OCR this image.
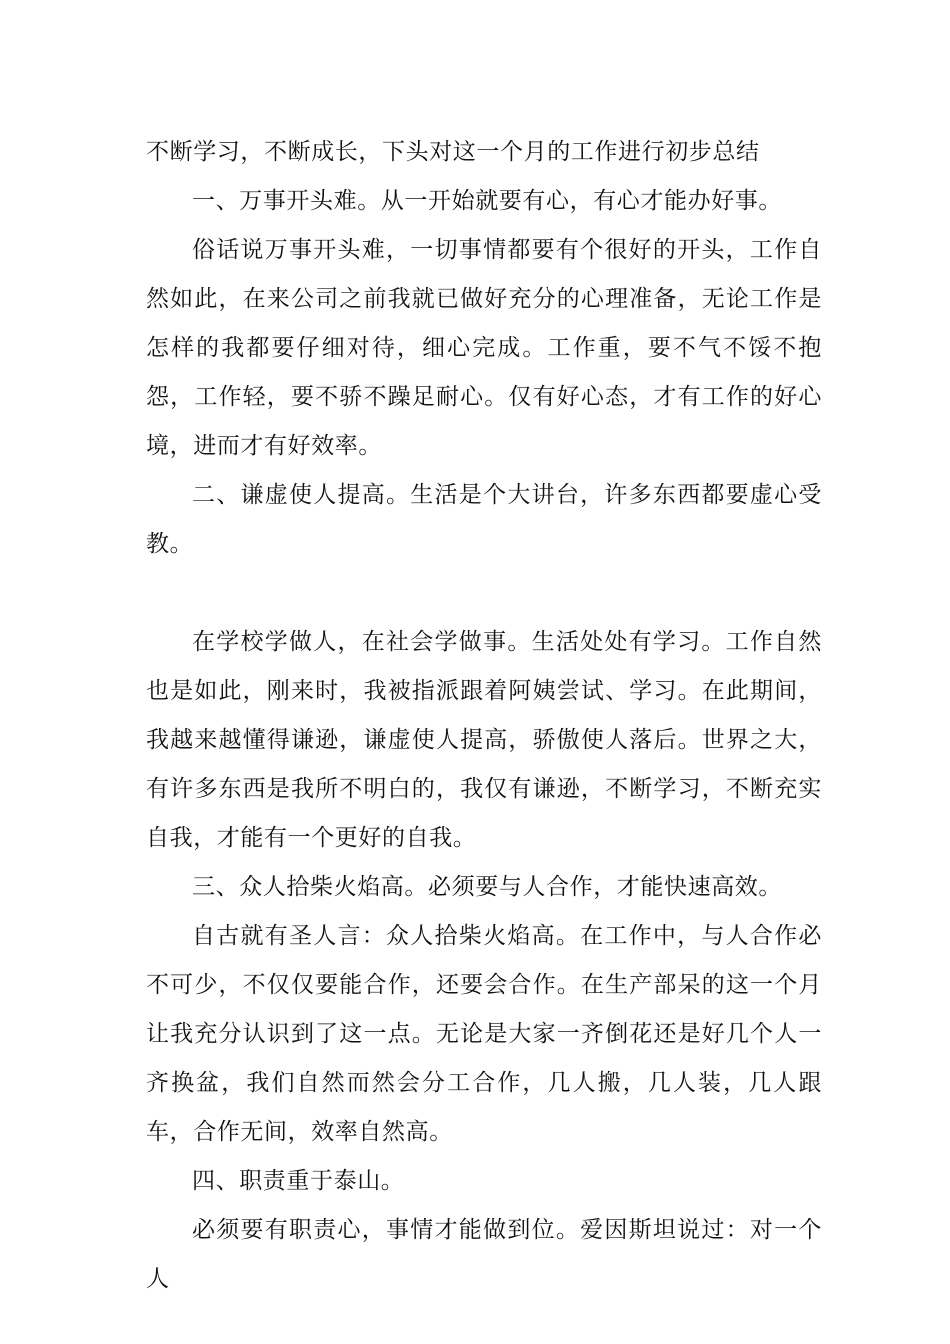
不断学习，不断成长，下头对这一个月的工作进行初步总结

一、万事开头难。从一开始就要有心，有心才能办好事。

俗话说万事开头难，一切事情都要有个很好的开头，工作自然如此，在来公司之前我就已做好充分的心理准备，无论工作是怎样的我都要仔细对待，细心完成。工作重，要不气不馁不抱怨，工作轻，要不骄不躁足耐心。仅有好心态，才有工作的好心境，进而才有好效率。

二、谦虚使人提高。生活是个大讲台，许多东西都要虚心受教。

在学校学做人，在社会学做事。生活处处有学习。工作自然也是如此，刚来时，我被指派跟着阿姨尝试、学习。在此期间，我越来越懂得谦逊，谦虚使人提高，骄傲使人落后。世界之大，有许多东西是我所不明白的，我仅有谦逊，不断学习，不断充实自我，才能有一个更好的自我。

三、众人拾柴火焰高。必须要与人合作，才能快速高效。

自古就有圣人言：众人拾柴火焰高。在工作中，与人合作必不可少，不仅仅要能合作，还要会合作。在生产部呆的这一个月让我充分认识到了这一点。无论是大家一齐倒花还是好几个人一齐换盆，我们自然而然会分工合作，几人搬，几人装，几人跟车，合作无间，效率自然高。

四、职责重于泰山。

必须要有职责心，事情才能做到位。爱因斯坦说过：对一个人
